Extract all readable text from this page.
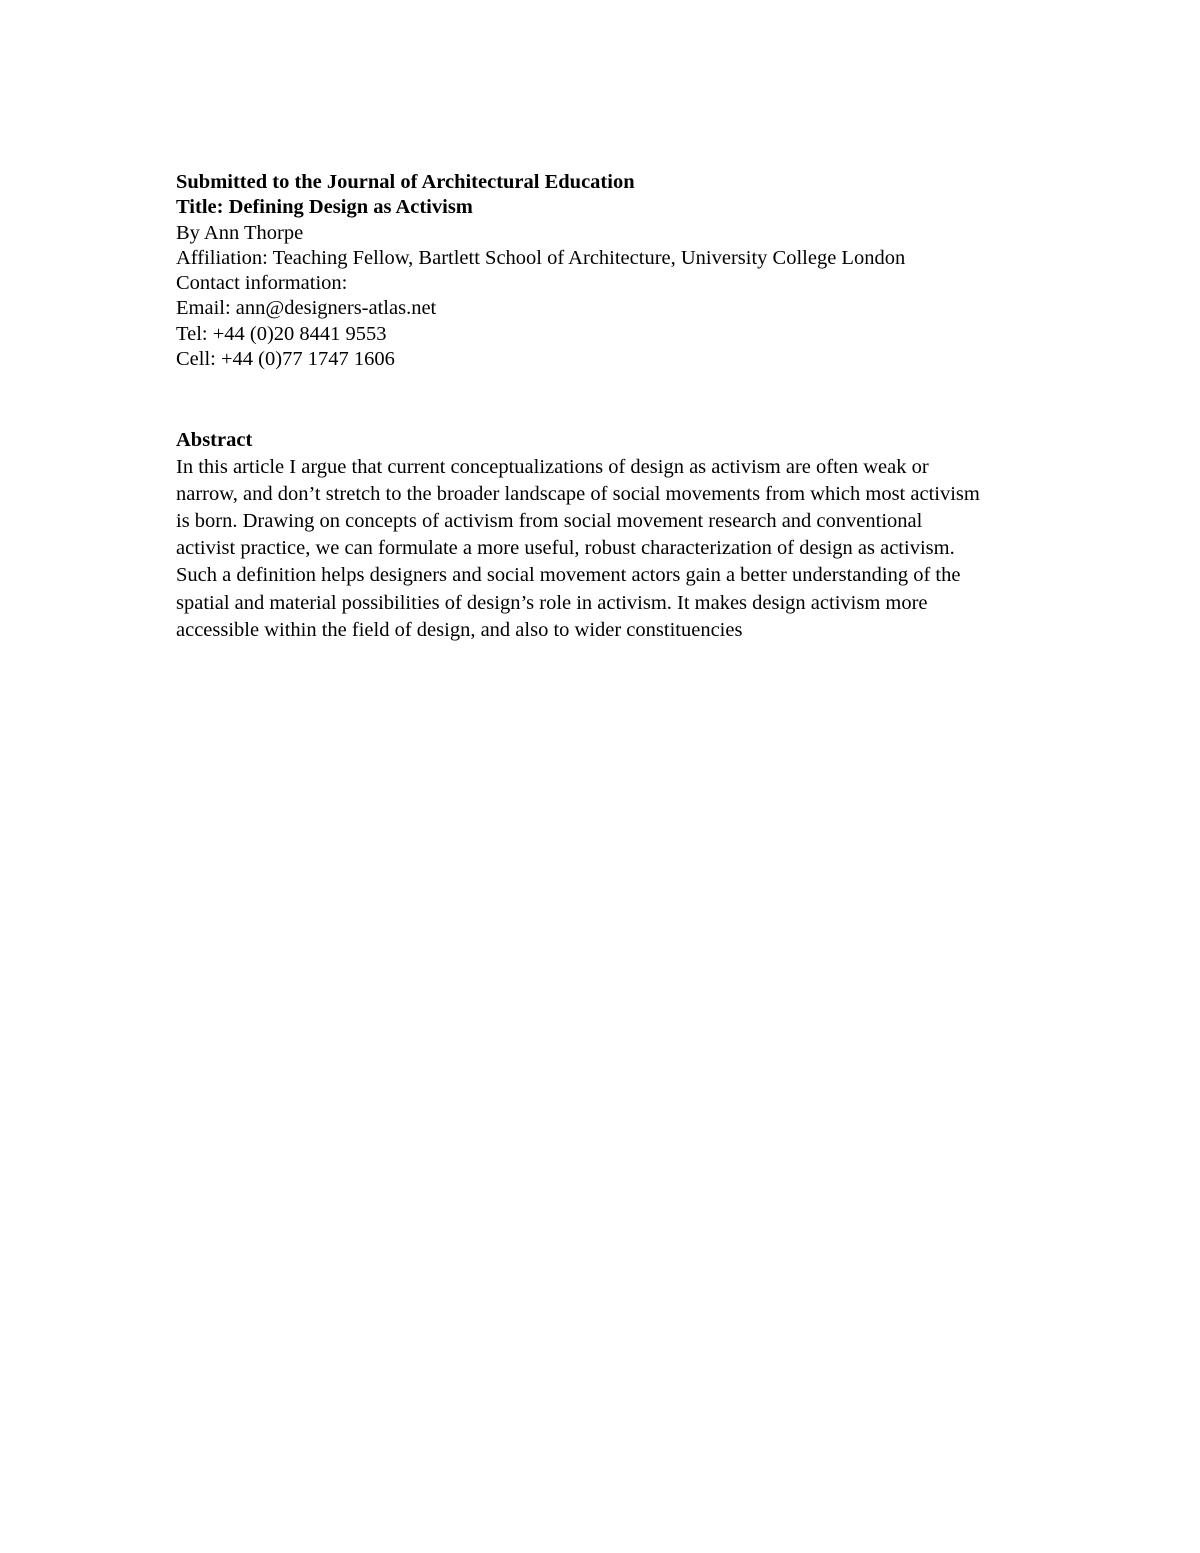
Submitted to the Journal of Architectural Education
Title: Defining Design as Activism
By Ann Thorpe
Affiliation: Teaching Fellow, Bartlett School of Architecture, University College London
Contact information:
Email: ann@designers-atlas.net
Tel: +44 (0)20 8441 9553
Cell: +44 (0)77 1747 1606
Abstract
In this article I argue that current conceptualizations of design as activism are often weak or
narrow, and don’t stretch to the broader landscape of social movements from which most activism
is born. Drawing on concepts of activism from social movement research and conventional
activist practice, we can formulate a more useful, robust characterization of design as activism.
Such a definition helps designers and social movement actors gain a better understanding of the
spatial and material possibilities of design’s role in activism. It makes design activism more
accessible within the field of design, and also to wider constituencies
